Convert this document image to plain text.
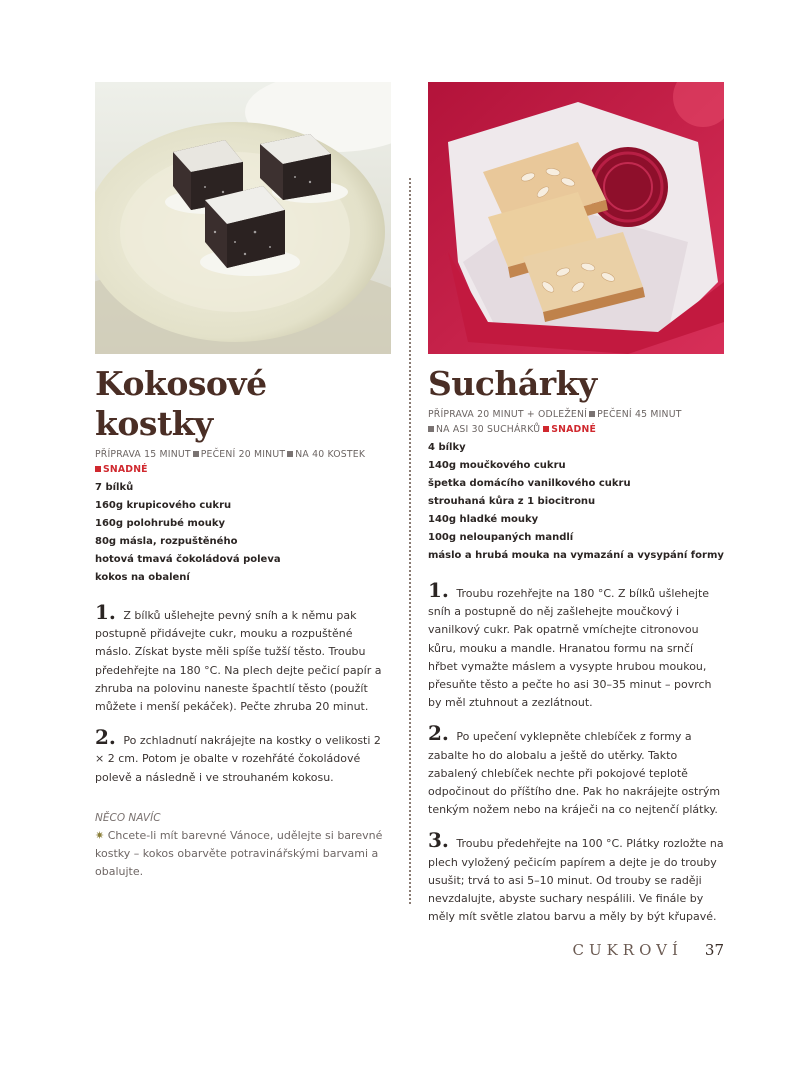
Kokosové kostky
PŘÍPRAVA 15 MINUT PEČENÍ 20 MINUT NA 40 KOSTEK
SNADNÉ
7 bílků
160g krupicového cukru
160g polohrubé mouky
80g másla, rozpuštěného
hotová tmavá čokoládová poleva
kokos na obalení
1. Z bílků ušlehejte pevný sníh a k němu pak postupně přidávejte cukr, mouku a rozpuštěné máslo. Získat byste měli spíše tužší těsto. Troubu předehřejte na 180 °C. Na plech dejte pečicí papír a zhruba na polovinu naneste špachtlí těsto (použít můžete i menší pekáček). Pečte zhruba 20 minut.
2. Po zchladnutí nakrájejte na kostky o velikosti 2 × 2 cm. Potom je obalte v rozehřáté čokoládové polevě a následně i ve strouhaném kokosu.
NĚCO NAVÍC
✷ Chcete-li mít barevné Vánoce, udělejte si barevné kostky – kokos obarvěte potravinářskými barvami a obalujte.
Suchárky
PŘÍPRAVA 20 MINUT + ODLEŽENÍ PEČENÍ 45 MINUT
NA ASI 30 SUCHÁRKŮ SNADNÉ
4 bílky
140g moučkového cukru
špetka domácího vanilkového cukru
strouhaná kůra z 1 biocitronu
140g hladké mouky
100g neloupaných mandlí
máslo a hrubá mouka na vymazání a vysypání formy
1. Troubu rozehřejte na 180 °C. Z bílků ušlehejte sníh a postupně do něj zašlehejte moučkový i vanilkový cukr. Pak opatrně vmíchejte citronovou kůru, mouku a mandle. Hranatou formu na srnčí hřbet vymažte máslem a vysypte hrubou moukou, přesuňte těsto a pečte ho asi 30–35 minut – povrch by měl ztuhnout a zezlátnout.
2. Po upečení vyklepněte chlebíček z formy a zabalte ho do alobalu a ještě do utěrky. Takto zabalený chlebíček nechte při pokojové teplotě odpočinout do příštího dne. Pak ho nakrájejte ostrým tenkým nožem nebo na kráječi na co nejtenčí plátky.
3. Troubu předehřejte na 100 °C. Plátky rozložte na plech vyložený pečicím papírem a dejte je do trouby usušit; trvá to asi 5–10 minut. Od trouby se raději nevzdalujte, abyste suchary nespálili. Ve finále by měly mít světle zlatou barvu a měly by být křupavé.
CUKROVÍ 37
